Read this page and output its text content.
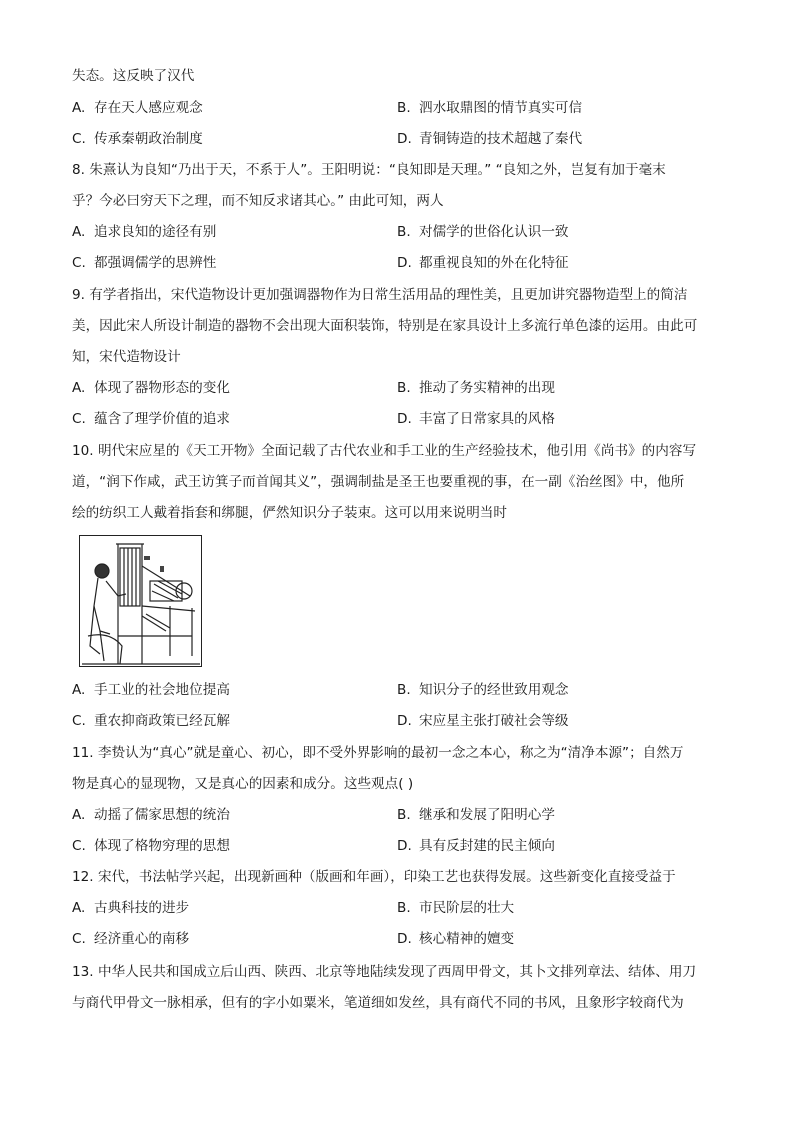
失态。这反映了汉代
A. 存在天人感应观念	B. 泗水取鼎图的情节真实可信
C. 传承秦朝政治制度	D. 青铜铸造的技术超越了秦代
8. 朱熹认为良知“乃出于天，不系于人”。王阳明说：“良知即是天理。” “良知之外，岂复有加于毫末
乎？今必曰穷天下之理，而不知反求诸其心。” 由此可知，两人
A. 追求良知的途径有别	B. 对儒学的世俗化认识一致
C. 都强调儒学的思辨性	D. 都重视良知的外在化特征
9. 有学者指出，宋代造物设计更加强调器物作为日常生活用品的理性美，且更加讲究器物造型上的简洁
美，因此宋人所设计制造的器物不会出现大面积装饰，特别是在家具设计上多流行单色漆的运用。由此可
知，宋代造物设计
A. 体现了器物形态的变化	B. 推动了务实精神的出现
C. 蕴含了理学价值的追求	D. 丰富了日常家具的风格
10. 明代宋应星的《天工开物》全面记载了古代农业和手工业的生产经验技术，他引用《尚书》的内容写
道，“润下作咸，武王访箕子而首闻其义”，强调制盐是圣王也要重视的事，在一副《治丝图》中，他所
绘的纺织工人戴着指套和绑腿，俨然知识分子装束。这可以用来说明当时
A. 手工业的社会地位提高	B. 知识分子的经世致用观念
C. 重农抑商政策已经瓦解	D. 宋应星主张打破社会等级
11. 李贽认为“真心”就是童心、初心，即不受外界影响的最初一念之本心，称之为“清净本源”；自然万
物是真心的显现物，又是真心的因素和成分。这些观点( )
A. 动摇了儒家思想的统治	B. 继承和发展了阳明心学
C. 体现了格物穷理的思想	D. 具有反封建的民主倾向
12. 宋代，书法帖学兴起，出现新画种（版画和年画），印染工艺也获得发展。这些新变化直接受益于
A. 古典科技的进步	B. 市民阶层的壮大
C. 经济重心的南移	D. 核心精神的嬗变
13. 中华人民共和国成立后山西、陕西、北京等地陆续发现了西周甲骨文，其卜文排列章法、结体、用刀
与商代甲骨文一脉相承，但有的字小如粟米，笔道细如发丝，具有商代不同的书风，且象形字较商代为
